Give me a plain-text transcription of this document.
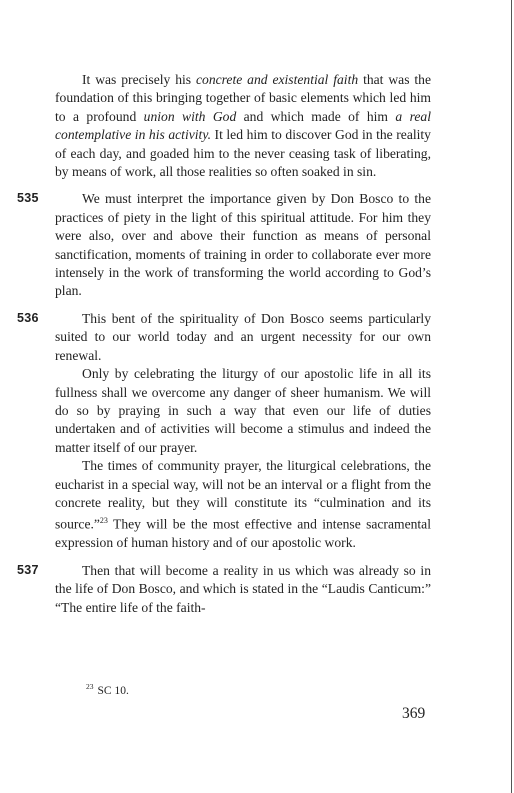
It was precisely his concrete and existential faith that was the foundation of this bringing together of basic elements which led him to a profound union with God and which made of him a real contemplative in his activity. It led him to discover God in the reality of each day, and goaded him to the never ceasing task of liberating, by means of work, all those realities so often soaked in sin.

535	We must interpret the importance given by Don Bosco to the practices of piety in the light of this spiritual attitude. For him they were also, over and above their function as means of personal sanctification, moments of training in order to collaborate ever more intensely in the work of transforming the world according to God’s plan.

536	This bent of the spirituality of Don Bosco seems particularly suited to our world today and an urgent necessity for our own renewal.

Only by celebrating the liturgy of our apostolic life in all its fullness shall we overcome any danger of sheer humanism. We will do so by praying in such a way that even our life of duties undertaken and of activities will become a stimulus and indeed the matter itself of our prayer.

The times of community prayer, the liturgical celebrations, the eucharist in a special way, will not be an interval or a flight from the concrete reality, but they will constitute its “culmination and its source.”$^{23}$ They will be the most effective and intense sacramental expression of human history and of our apostolic work.

537	Then that will become a reality in us which was already so in the life of Don Bosco, and which is stated in the “Laudis Canticum:” “The entire life of the faith-

$^{23}$ SC 10.
369
